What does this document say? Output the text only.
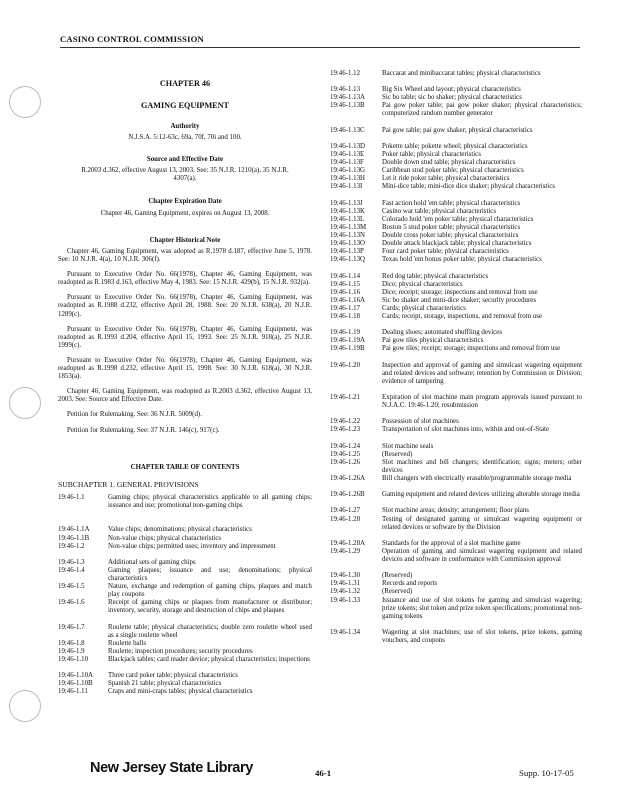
CASINO CONTROL COMMISSION
CHAPTER 46
GAMING EQUIPMENT
Authority
N.J.S.A. 5:12-63c, 69a, 70f, 70i and 100.
Source and Effective Date
R.2003 d.362, effective August 13, 2003. See: 35 N.J.R. 1210(a), 35 N.J.R. 4307(a).
Chapter Expiration Date
Chapter 46, Gaming Equipment, expires on August 13, 2008.
Chapter Historical Note

Chapter 46, Gaming Equipment, was adopted as R.1978 d.187, effective June 5, 1978. See: 10 N.J.R. 4(a), 10 N.J.R. 306(f).

Pursuant to Executive Order No. 66(1978), Chapter 46, Gaming Equipment, was readopted as R.1983 d.163, effective May 4, 1983. See: 15 N.J.R. 429(b), 15 N.J.R. 932(a).

Pursuant to Executive Order No. 66(1978), Chapter 46, Gaming Equipment, was readopted as R.1988 d.232, effective April 28, 1988. See: 20 N.J.R. 638(a), 20 N.J.R. 1289(c).

Pursuant to Executive Order No. 66(1978), Chapter 46, Gaming Equipment, was readopted as R.1993 d.204, effective April 15, 1993. See: 25 N.J.R. 918(a), 25 N.J.R. 1999(c).

Pursuant to Executive Order No. 66(1978), Chapter 46, Gaming Equipment, was readopted as R.1998 d.232, effective April 15, 1998. See: 30 N.J.R. 618(a), 30 N.J.R. 1853(a).

Chapter 46, Gaming Equipment, was readopted as R.2003 d.362, effective August 13, 2003. See: Source and Effective Date.

Petition for Rulemaking. See: 36 N.J.R. 5009(d).

Petition for Rulemaking. See: 37 N.J.R. 146(c), 917(c).

CHAPTER TABLE OF CONTENTS
SUBCHAPTER 1. GENERAL PROVISIONS
19:46-1.1	Gaming chips; physical characteristics applicable to all gaming chips; issuance and use; promotional non-gaming chips
19:46-1.1A	Value chips; denominations; physical characteristics
19:46-1.1B	Non-value chips; physical characteristics
19:46-1.2	Non-value chips; permitted uses; inventory and impressment
19:46-1.3	Additional sets of gaming chips
19:46-1.4	Gaming plaques; issuance and use; denominations; physical characteristics
19:46-1.5	Nature, exchange and redemption of gaming chips, plaques and match play coupons
19:46-1.6	Receipt of gaming chips or plaques from manufacturer or distributor; inventory, security, storage and destruction of chips and plaques
19:46-1.7	Roulette table; physical characteristics; double zero roulette wheel used as a single roulette wheel
19:46-1.8	Roulette balls
19:46-1.9	Roulette; inspection procedures; security procedures
19:46-1.10	Blackjack tables; card reader device; physical characteristics; inspections
19:46-1.10A Three card poker table; physical characteristics
19:46-1.10B Spanish 21 table; physical characteristics
19:46-1.11	Craps and mini-craps tables; physical characteristics
19:46-1.12	Baccarat and minibaccarat tables; physical characteristics
19:46-1.13	Big Six Wheel and layout; physical characteristics
19:46-1.13A Sic bo table; sic bo shaker; physical characteristics
19:46-1.13B	Pai gow poker table; pai gow poker shaker; physical characteristics; computerized random number generator
19:46-1.13C	Pai gow table; pai gow shaker; physical characteristics
19:46-1.13D Pokette table; pokette wheel; physical characteristics
19:46-1.13E	Poker table; physical characteristics
19:46-1.13F	Double down stud table; physical characteristics
19:46-1.13G Caribbean stud poker table; physical characteristics
19:46-1.13H Let it ride poker table; physical characteristics
19:46-1.13I	Mini-dice table; mini-dice dice shaker; physical characteristics
19:46-1.13J	Fast action hold 'em table; physical characteristics
19:46-1.13K Casino war table; physical characteristics
19:46-1.13L	Colorado hold 'em poker table; physical characteristics
19:46-1.13M Boston 5 stud poker table; physical characteristics
19:46-1.13N Double cross poker table; physical characteristics
19:46-1.13O Double attack blackjack table; physical characteristics
19:46-1.13P	Four card poker table; physical characteristics
19:46-1.13Q Texas hold 'em bonus poker table; physical characteristics
19:46-1.14	Red dog table; physical characteristics
19:46-1.15	Dice; physical characteristics
19:46-1.16	Dice; receipt; storage; inspections and removal from use
19:46-1.16A Sic bo shaker and mini-dice shaker; security procedures
19:46-1.17	Cards; physical characteristics
19:46-1.18	Cards; receipt, storage, inspections, and removal from use
19:46-1.19	Dealing shoes; automated shuffling devices
19:46-1.19A Pai gow tiles physical characteristics
19:46-1.19B	Pai gow tiles; receipt; storage; inspections and removal from use
19:46-1.20	Inspection and approval of gaming and simulcast wagering equipment and related devices and software; retention by Commission or Division; evidence of tampering
19:46-1.21	Expiration of slot machine main program approvals issued pursuant to N.J.A.C. 19:46-1.20; resubmission
19:46-1.22	Possession of slot machines
19:46-1.23	Transportation of slot machines into, within and out-of-State
19:46-1.24	Slot machine seals
19:46-1.25	(Reserved)
19:46-1.26	Slot machines and bill changers; identification; signs; meters; other devices
19:46-1.26A Bill changers with electrically erasable/programmable storage media
19:46-1.26B	Gaming equipment and related devices utilizing alterable storage media
19:46-1.27	Slot machine areas; density; arrangement; floor plans
19:46-1.28	Testing of designated gaming or simulcast wagering equipment or related devices or software by the Division
19:46-1.28A Standards for the approval of a slot machine game
19:46-1.29	Operation of gaming and simulcast wagering equipment and related devices and software in conformance with Commission approval
19:46-1.30	(Reserved)
19:46-1.31	Records and reports
19:46-1.32	(Reserved)
19:46-1.33	Issuance and use of slot tokens for gaming and simulcast wagering; prize tokens; slot token and prize token specifications; promotional non-gaming tokens
19:46-1.34	Wagering at slot machines; use of slot tokens, prize tokens, gaming vouchers, and coupons
New Jersey State Library	46-1	Supp. 10-17-05
